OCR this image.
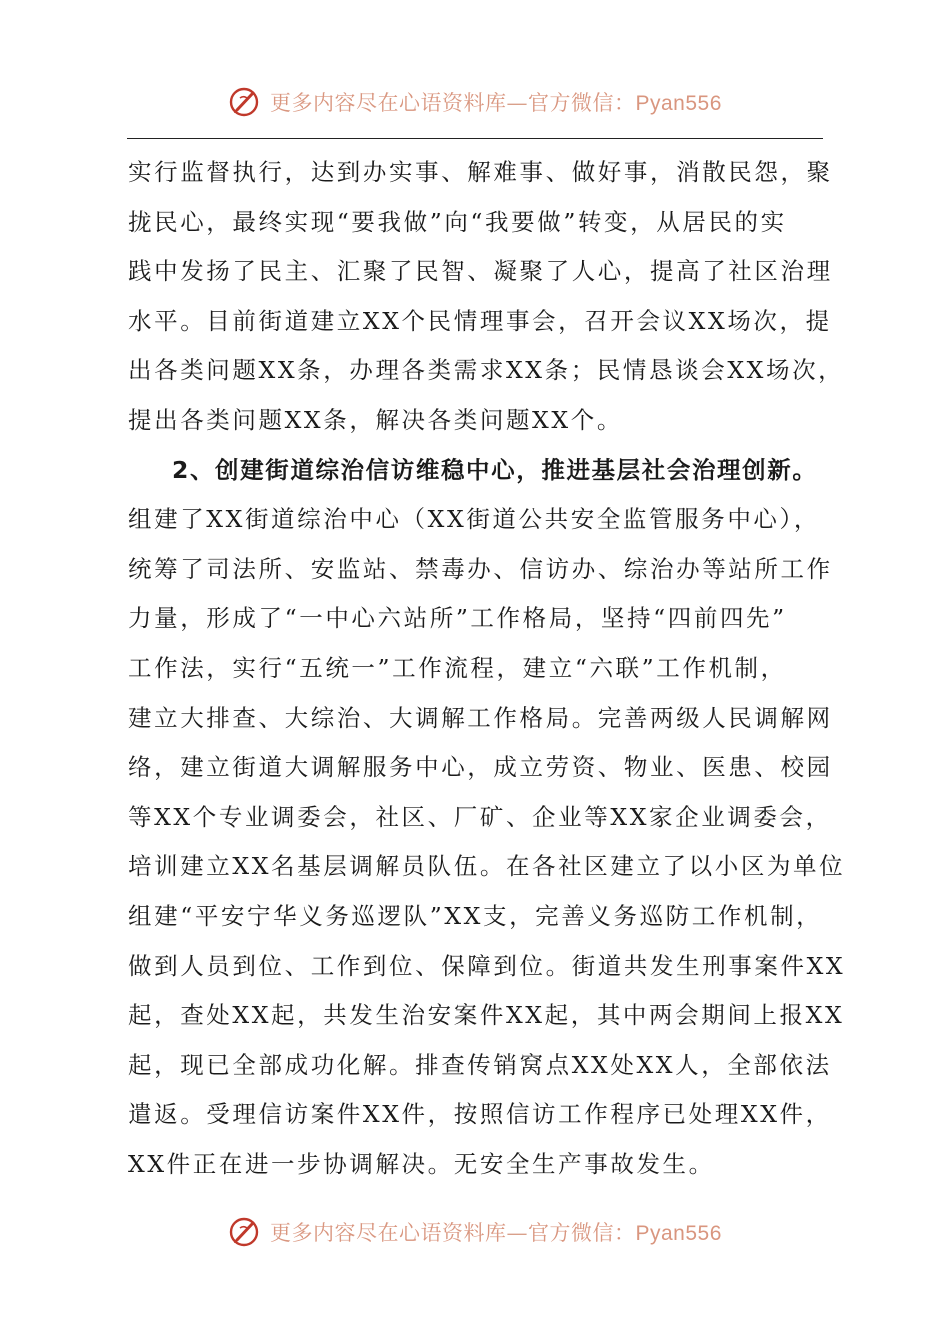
更多内容尽在心语资料库—官方微信：Pyan556
实行监督执行，达到办实事、解难事、做好事，消散民怨，聚
拢民心，最终实现“要我做”向“我要做”转变，从居民的实
践中发扬了民主、汇聚了民智、凝聚了人心，提高了社区治理
水平。目前街道建立XX个民情理事会，召开会议XX场次，提
出各类问题XX条，办理各类需求XX条；民情恳谈会XX场次，
提出各类问题XX条，解决各类问题XX个。
2、创建街道综治信访维稳中心，推进基层社会治理创新。
组建了XX街道综治中心（XX街道公共安全监管服务中心），
统筹了司法所、安监站、禁毒办、信访办、综治办等站所工作
力量，形成了“一中心六站所”工作格局，坚持“四前四先”
工作法，实行“五统一”工作流程，建立“六联”工作机制，
建立大排查、大综治、大调解工作格局。完善两级人民调解网
络，建立街道大调解服务中心，成立劳资、物业、医患、校园
等XX个专业调委会，社区、厂矿、企业等XX家企业调委会，
培训建立XX名基层调解员队伍。在各社区建立了以小区为单位
组建“平安宁华义务巡逻队”XX支，完善义务巡防工作机制，
做到人员到位、工作到位、保障到位。街道共发生刑事案件XX
起，查处XX起，共发生治安案件XX起，其中两会期间上报XX
起，现已全部成功化解。排查传销窝点XX处XX人，全部依法
遣返。受理信访案件XX件，按照信访工作程序已处理XX件，
XX件正在进一步协调解决。无安全生产事故发生。
更多内容尽在心语资料库—官方微信：Pyan556
